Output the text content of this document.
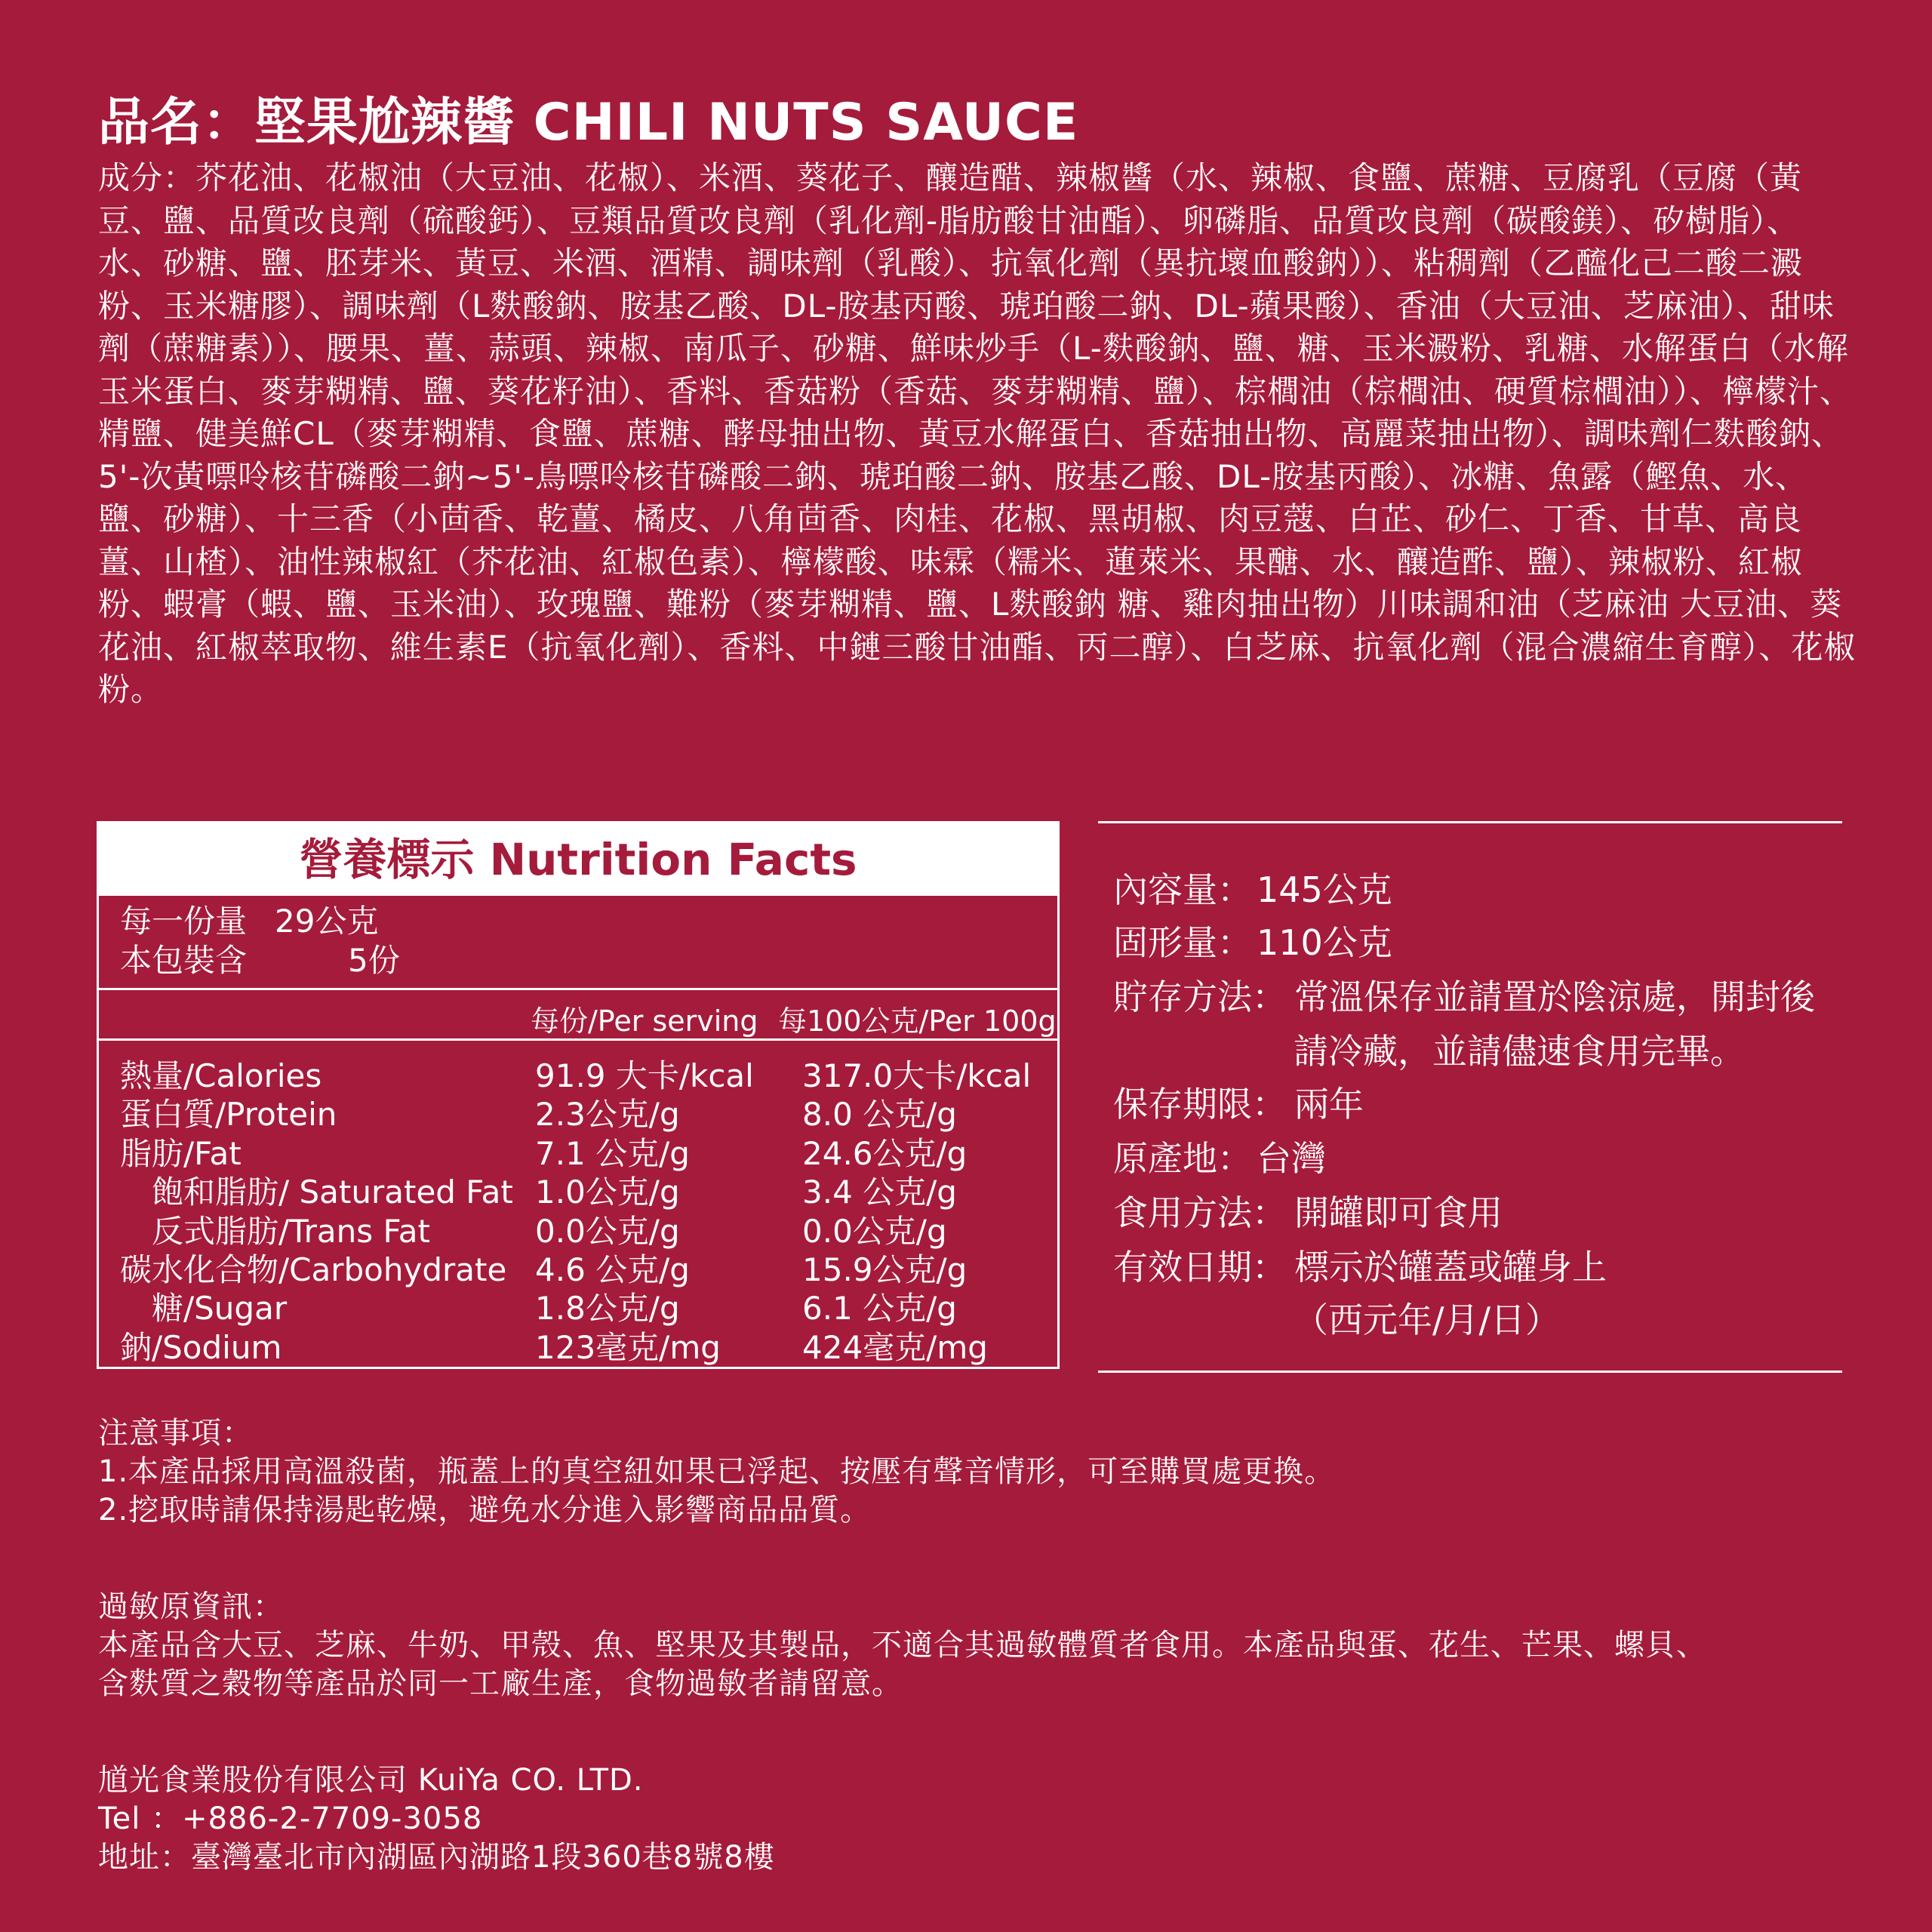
品名：堅果尬辣醬 CHILI NUTS SAUCE
成分：芥花油、花椒油（大豆油、花椒）、米酒、葵花子、釀造醋、辣椒醬（水、辣椒、食鹽、蔗糖、豆腐乳（豆腐（黃豆、鹽、品質改良劑（硫酸鈣）、豆類品質改良劑（乳化劑-脂肪酸甘油酯）、卵磷脂、品質改良劑（碳酸鎂）、矽樹脂）、水、砂糖、鹽、胚芽米、黃豆、米酒、酒精、調味劑（乳酸）、抗氧化劑（異抗壞血酸鈉））、粘稠劑（乙醯化己二酸二澱粉、玉米糖膠）、調味劑（L麩酸鈉、胺基乙酸、DL-胺基丙酸、琥珀酸二鈉、DL-蘋果酸）、香油（大豆油、芝麻油）、甜味劑（蔗糖素））、腰果、薑、蒜頭、辣椒、南瓜子、砂糖、鮮味炒手（L-麩酸鈉、鹽、糖、玉米澱粉、乳糖、水解蛋白（水解玉米蛋白、麥芽糊精、鹽、葵花籽油）、香料、香菇粉（香菇、麥芽糊精、鹽）、棕櫚油（棕櫚油、硬質棕櫚油））、檸檬汁、精鹽、健美鮮CL（麥芽糊精、食鹽、蔗糖、酵母抽出物、黃豆水解蛋白、香菇抽出物、高麗菜抽出物）、調味劑仁麩酸鈉、5'-次黃嘌呤核苷磷酸二鈉~5'-鳥嘌呤核苷磷酸二鈉、琥珀酸二鈉、胺基乙酸、DL-胺基丙酸）、冰糖、魚露（鰹魚、水、鹽、砂糖）、十三香（小茴香、乾薑、橘皮、八角茴香、肉桂、花椒、黑胡椒、肉豆蔻、白芷、砂仁、丁香、甘草、高良薑、山楂）、油性辣椒紅（芥花油、紅椒色素）、檸檬酸、味霖（糯米、蓮萊米、果醣、水、釀造酢、鹽）、辣椒粉、紅椒粉、蝦膏（蝦、鹽、玉米油）、玫瑰鹽、難粉（麥芽糊精、鹽、L麩酸鈉 糖、雞肉抽出物）川味調和油（芝麻油 大豆油、葵花油、紅椒萃取物、維生素E（抗氧化劑）、香料、中鏈三酸甘油酯、丙二醇）、白芝麻、抗氧化劑（混合濃縮生育醇）、花椒粉。
營養標示 Nutrition Facts
每一份量 29公克
本包裝含	5份
每份/Per serving 每100公克/Per 100g
熱量/Calories	91.9 大卡/kcal 317.0大卡/kcal
蛋白質/Protein	2.3公克/g	8.0 公克/g
脂肪/Fat	7.1 公克/g	24.6公克/g
飽和脂肪/ Saturated Fat 1.0公克/g	3.4 公克/g
反式脂肪/Trans Fat	0.0公克/g	0.0公克/g
碳水化合物/Carbohydrate 4.6 公克/g	15.9公克/g
糖/Sugar	1.8公克/g	6.1 公克/g
鈉/Sodium	123毫克/mg	424毫克/mg
內容量： 145公克
固形量： 110公克
貯存方法： 常溫保存並請置於陰涼處，開封後
請冷藏，並請儘速食用完畢。
保存期限： 兩年
原產地： 台灣
食用方法： 開罐即可食用
有效日期： 標示於罐蓋或罐身上
（西元年/月/日）

注意事項：

1.本產品採用高溫殺菌，瓶蓋上的真空紐如果已浮起、按壓有聲音情形，可至購買處更換。

2.挖取時請保持湯匙乾燥，避免水分進入影響商品品質。

過敏原資訊：

本產品含大豆、芝麻、牛奶、甲殼、魚、堅果及其製品，不適合其過敏體質者食用。本產品與蛋、花生、芒果、螺貝、

含麩質之穀物等產品於同一工廠生產，食物過敏者請留意。

馗光食業股份有限公司 KuiYa CO. LTD.

Tel ：+886-2-7709-3058

地址：臺灣臺北市內湖區內湖路1段360巷8號8樓
